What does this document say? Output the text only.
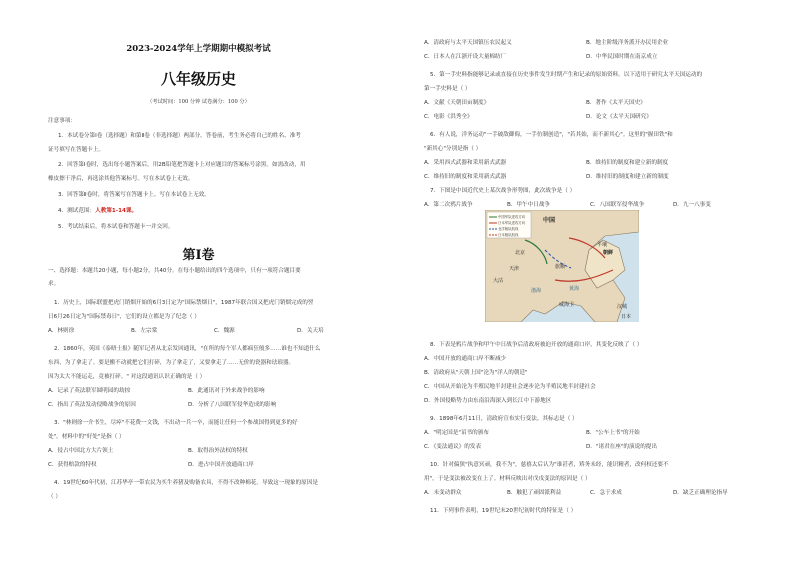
2023-2024学年上学期期中模拟考试
八年级历史
（考试时间：100 分钟 试卷满分：100 分）
注意事项：
1．本试卷分第Ⅰ卷（选择题）和第Ⅱ卷（非选择题）两部分。答卷前，考生务必将自己的姓名、准考
证号填写在答题卡上。
2．回答第Ⅰ卷时，选出每小题答案后，用2B铅笔把答题卡上对应题目的答案标号涂黑。如需改动，用
橡皮擦干净后，再选涂其他答案标号。写在本试卷上无效。
3．回答第Ⅱ卷时，将答案写在答题卡上。写在本试卷上无效。
4．测试范围：人教第1-14课。
5．考试结束后，将本试卷和答题卡一并交回。
第Ⅰ卷
一、选择题：本题共20小题，每小题2分，共40分。在每小题给出的四个选项中，只有一项符合题目要
求。
1．历史上，国际联盟把虎门销烟开始的6月3日定为"国际禁烟日"，1987年联合国又把虎门销烟完成的翌
日6月26日定为"国际禁毒日"，它们的设立都是为了纪念（ ）
A．林则徐	B．左宗棠	C．魏源	D．关天培
2．1860年，英国《泰晤士报》随军记者从北京发回通讯，"在所的每个军人都疯狂般多……谁也不知道什么
东西，为了拿走了。要是搬不动就把它们打碎，为了拿走了，又要拿走了……无价的瓷器和珐琅器。
因为太大不能运走，竟被打碎。" 对这段通讯认识正确的是（ ）
A．记录了英法联军圆明园的劫掠	B．此通讯对于外来战争的影响
C．指出了英法发动侵略战争的原因	D．分析了八国联军侵华造成的影响
3．"林则徐一介书生，尽瘁"不花费一文钱，不出动一兵一卒，而能让任何一个参战国得到更多的好
处"。材料中的"好处"是指（ ）
A．侵占中国北方大片领土	B．取得治外法权的特权
C．获得赔款的特权	D．进占中国开放通商口岸
4．19世纪60年代初，江苏华亭一带农民为买牛养猪及购备农具，不得不改种棉花。导致这一现象的原因是
（ ）
A．清政府与太平天国镇压农民起义	B．地主阶级洋务派开办民用企业
C．日本人在江浙开设大量棉纺厂	D．中华民国时期在南京成立
5．第一手史料指能够记录或直接在历史事件发生时期产生和记录的原始资料。以下适用于研究太平天国运动的
第一手史料是（ ）
A．文献《天朝田亩制度》	B．著作《太平天国史》
C．电影《洪秀全》	D．论文《太平天国研究》
6．有人说，洋务运动"一手破敌御侮，一手仿制创造"，"若其始，而不新其心"。这里的"握田铁"和
"新其心"分别是指（ ）
A．采用西式武器和采用新式武器	B．维持旧的制度和建立新的制度
C．维持旧的制度和采用新式武器	D．维持旧的制度和建立新的制度
7．下图是中国近代史上某次战争形势图，此次战争是（ ）
A．第二次鸦片战争	B．甲午中日战争	C．八国联军侵华战争	D．九一八事变
8．下表是鸦片战争和甲午中日战争后清政府被迫开放的通商口岸，其变化反映了（ ）
A．中国开放的通商口岸不断减少
B．清政府从"天朝上国"沦为"洋人的朝廷"
C．中国从开始沦为半殖民地半封建社会逐步沦为半殖民地半封建社会
D．外国侵略势力由东南沿海深入到长江中下游地区
9．1898年6月11日，清政府宣布实行变法。其标志是（ ）
A．"明定国是"诏书的颁布	B．"公车上书"的开始
C．《变法通议》的发表	D．"诸君在座"的演说的提出
10．针对偏狭"执意冥顽，我不为"，慈禧太后认为"谁甚者，矫务未经，能识精者，改何权还要不
用"，于是变法被改变在上了。材料反映出对戊戌变法的原因是（ ）
A．未变动群众	B．触犯了顽固派利益	C．急于求成	D．缺乏正确理论指导
11．下列事件表明，19世纪末20世纪初时代的特征是（ ）
中国军队进攻方向
日本军队进攻方向
北洋舰队航线
日本舰队航线
中国
北京
天津
大沽
旅顺
威海卫
朝鲜
平壤
汉城
黄海
渤海
日本
